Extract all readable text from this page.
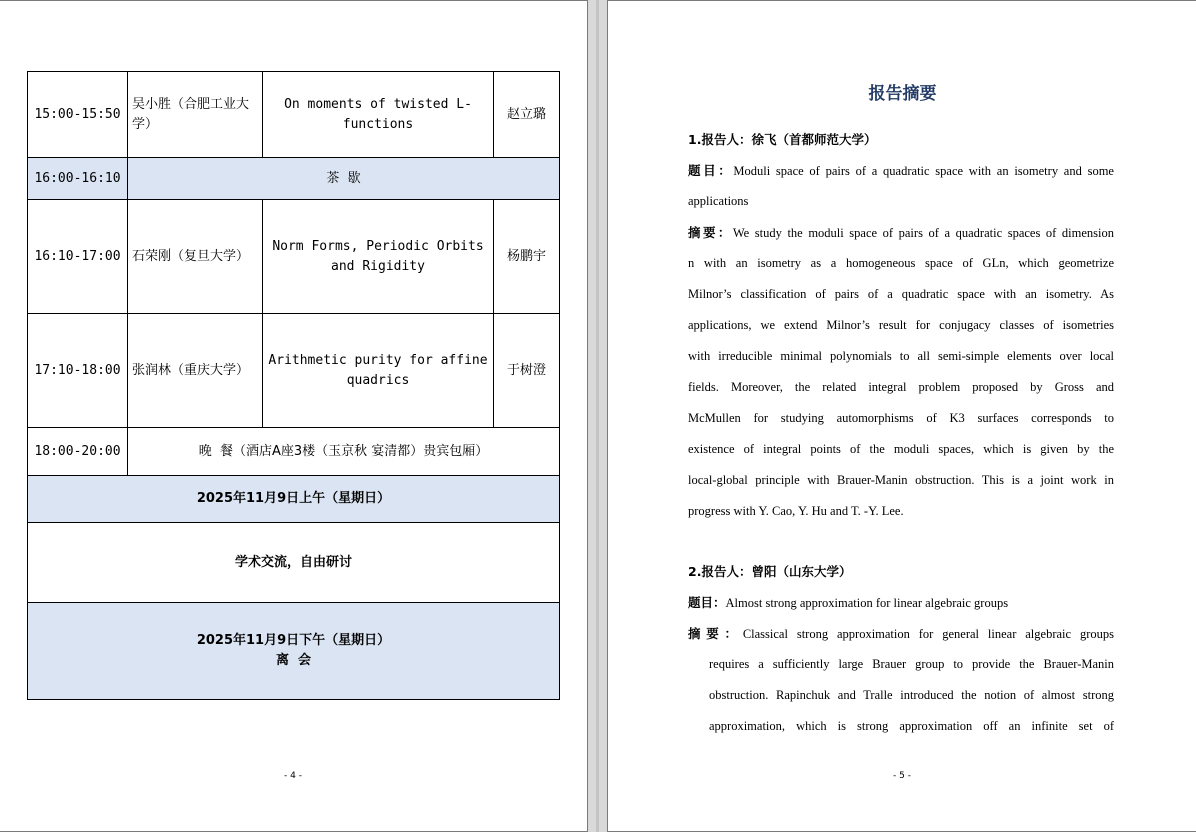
15:00-15:50	吴小胜（合肥工业大学）	On moments of twisted L-functions	赵立璐
16:00-16:10	茶  歇		
16:10-17:00	石荣刚（复旦大学）	Norm Forms, Periodic Orbits and Rigidity	杨鹏宇
17:10-18:00	张润林（重庆大学）	Arithmetic purity for affine quadrics	于树澄
18:00-20:00	晚  餐（酒店A座3楼（玉京秋 宴清都）贵宾包厢）		
2025年11月9日上午（星期日）			
学术交流，自由研讨			

2025年11月9日下午（星期日）
离  会			
- 4 -
报告摘要
1.报告人：徐飞（首都师范大学）
题目：Moduli space of pairs of a quadratic space with an isometry and some
applications
摘要：We study the moduli space of pairs of a quadratic spaces of dimension
n with an isometry as a homogeneous space of GLn, which geometrize
Milnor’s classification of pairs of a quadratic space with an isometry. As
applications, we extend Milnor’s result for conjugacy classes of isometries
with irreducible minimal polynomials to all semi-simple elements over local
fields. Moreover, the related integral problem proposed by Gross and
McMullen for studying automorphisms of K3 surfaces corresponds to
existence of integral points of the moduli spaces, which is given by the
local-global principle with Brauer-Manin obstruction. This is a joint work in
progress with Y. Cao, Y. Hu and T. -Y. Lee.
2.报告人：曾阳（山东大学）
题目：Almost strong approximation for linear algebraic groups
摘要：Classical strong approximation for general linear algebraic groups
requires a sufficiently large Brauer group to provide the Brauer-Manin
obstruction. Rapinchuk and Tralle introduced the notion of almost strong
approximation, which is strong approximation off an infinite set of
- 5 -
